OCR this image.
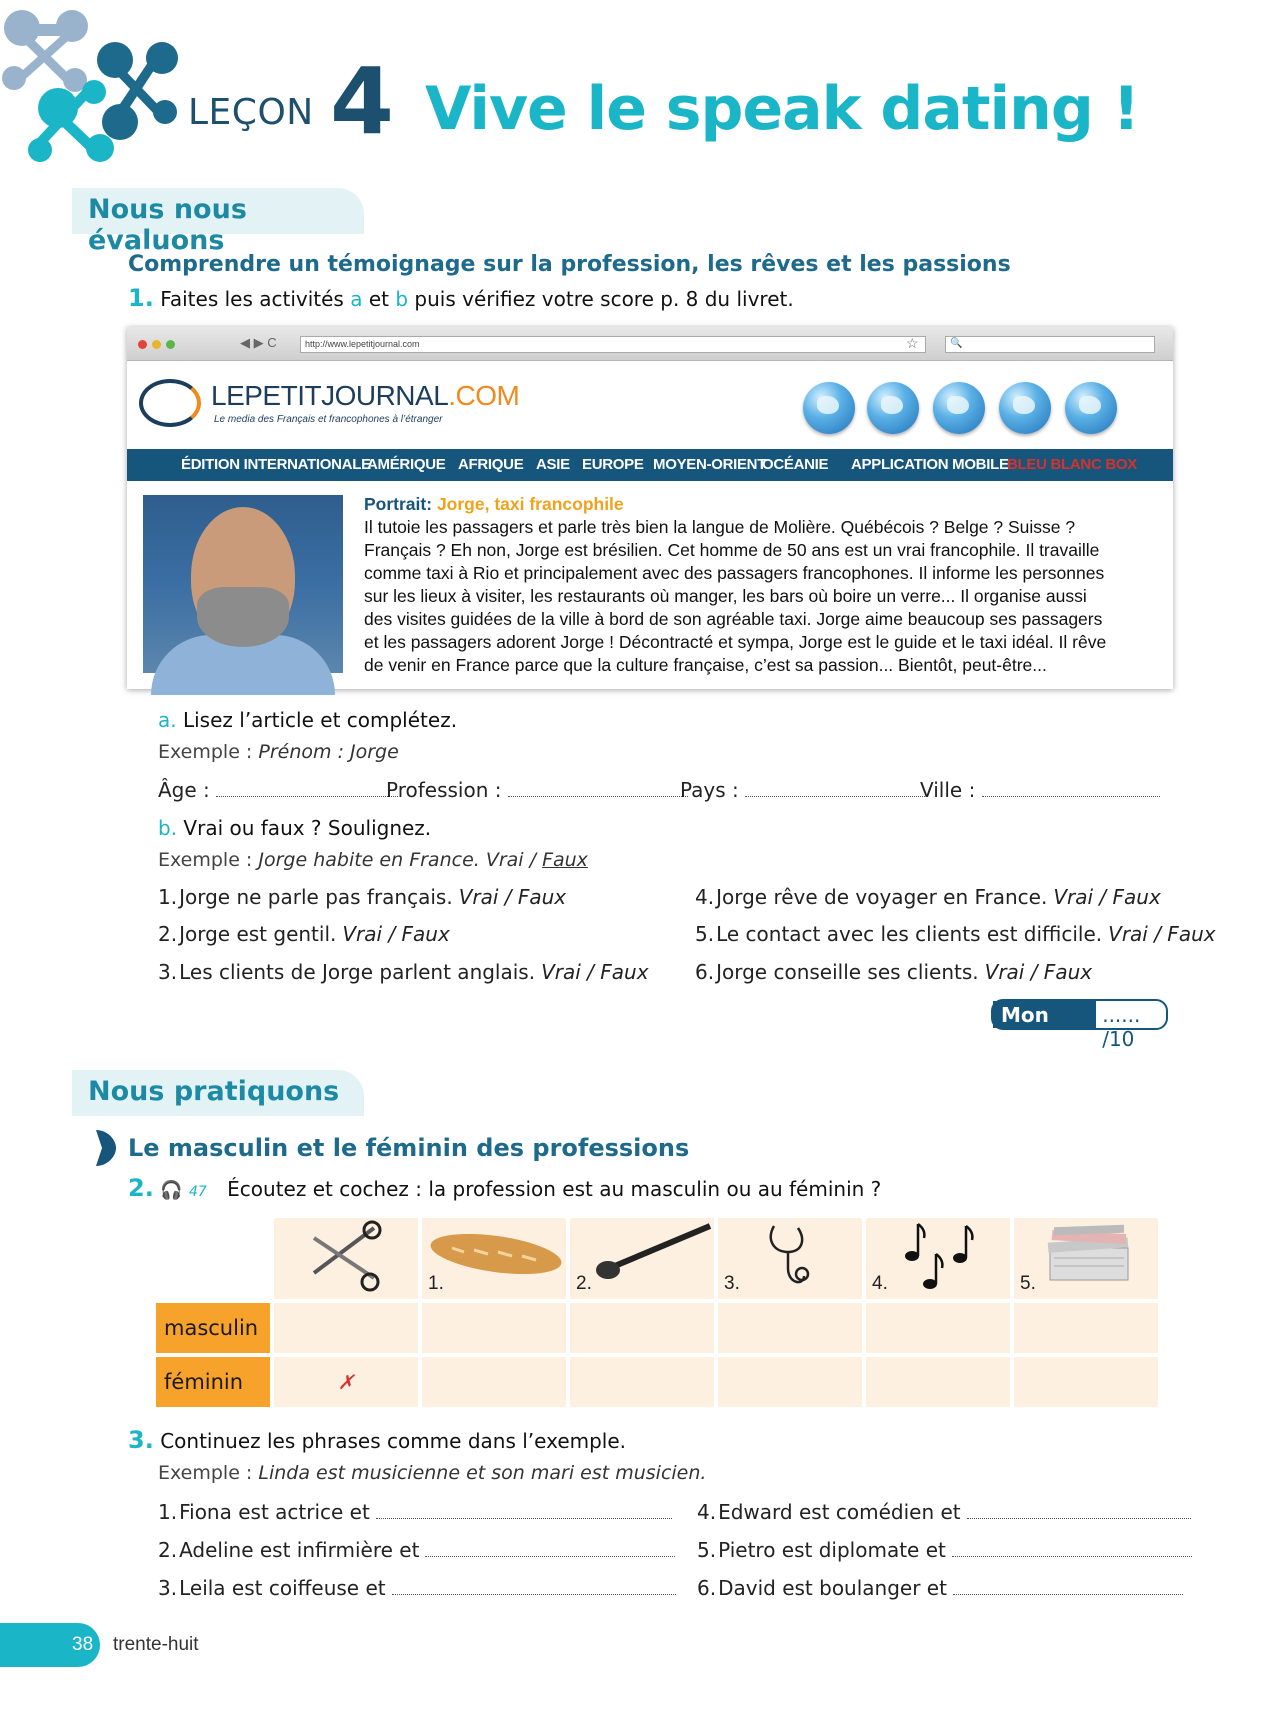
LEÇON 4 Vive le speak dating !
Nous nous évaluons
Comprendre un témoignage sur la profession, les rêves et les passions
1. Faites les activités a et b puis vérifiez votre score p. 8 du livret.
◀ ▶ C	http://www.lepetitjournal.com	☆	🔍
LEPETITJOURNAL.COM
Le media des Français et francophones à l’étranger
ÉDITION INTERNATIONALE
AMÉRIQUE AFRIQUE ASIE EUROPE MOYEN-ORIENT
OCÉANIE APPLICATION MOBILE
BLEU BLANC BOX
Portrait: Jorge, taxi francophile
Il tutoie les passagers et parle très bien la langue de Molière. Québécois ? Belge ? Suisse ?
Français ? Eh non, Jorge est brésilien. Cet homme de 50 ans est un vrai francophile. Il travaille
comme taxi à Rio et principalement avec des passagers francophones. Il informe les personnes
sur les lieux à visiter, les restaurants où manger, les bars où boire un verre... Il organise aussi
des visites guidées de la ville à bord de son agréable taxi. Jorge aime beaucoup ses passagers
et les passagers adorent Jorge ! Décontracté et sympa, Jorge est le guide et le taxi idéal. Il rêve
de venir en France parce que la culture française, c’est sa passion... Bientôt, peut-être...
a. Lisez l’article et complétez.
Exemple : Prénom : Jorge
Âge :	Profession :	Pays :	Ville :
b. Vrai ou faux ? Soulignez.
Exemple : Jorge habite en France. Vrai / Faux
1. Jorge ne parle pas français. Vrai / Faux
2. Jorge est gentil. Vrai / Faux
3. Les clients de Jorge parlent anglais. Vrai / Faux
4. Jorge rêve de voyager en France. Vrai / Faux
5. Le contact avec les clients est difficile. Vrai / Faux
6. Jorge conseille ses clients. Vrai / Faux
Mon score
...... /10
Nous pratiquons
Le masculin et le féminin des professions
2. 🎧 47 Écoutez et cochez : la profession est au masculin ou au féminin ?

1.	2.	3.	4.	5.

masculin						
féminin	✗					
3. Continuez les phrases comme dans l’exemple.
Exemple : Linda est musicienne et son mari est musicien.
1. Fiona est actrice et
2. Adeline est infirmière et
3. Leila est coiffeuse et
4. Edward est comédien et
5. Pietro est diplomate et
6. David est boulanger et
38 trente-huit
